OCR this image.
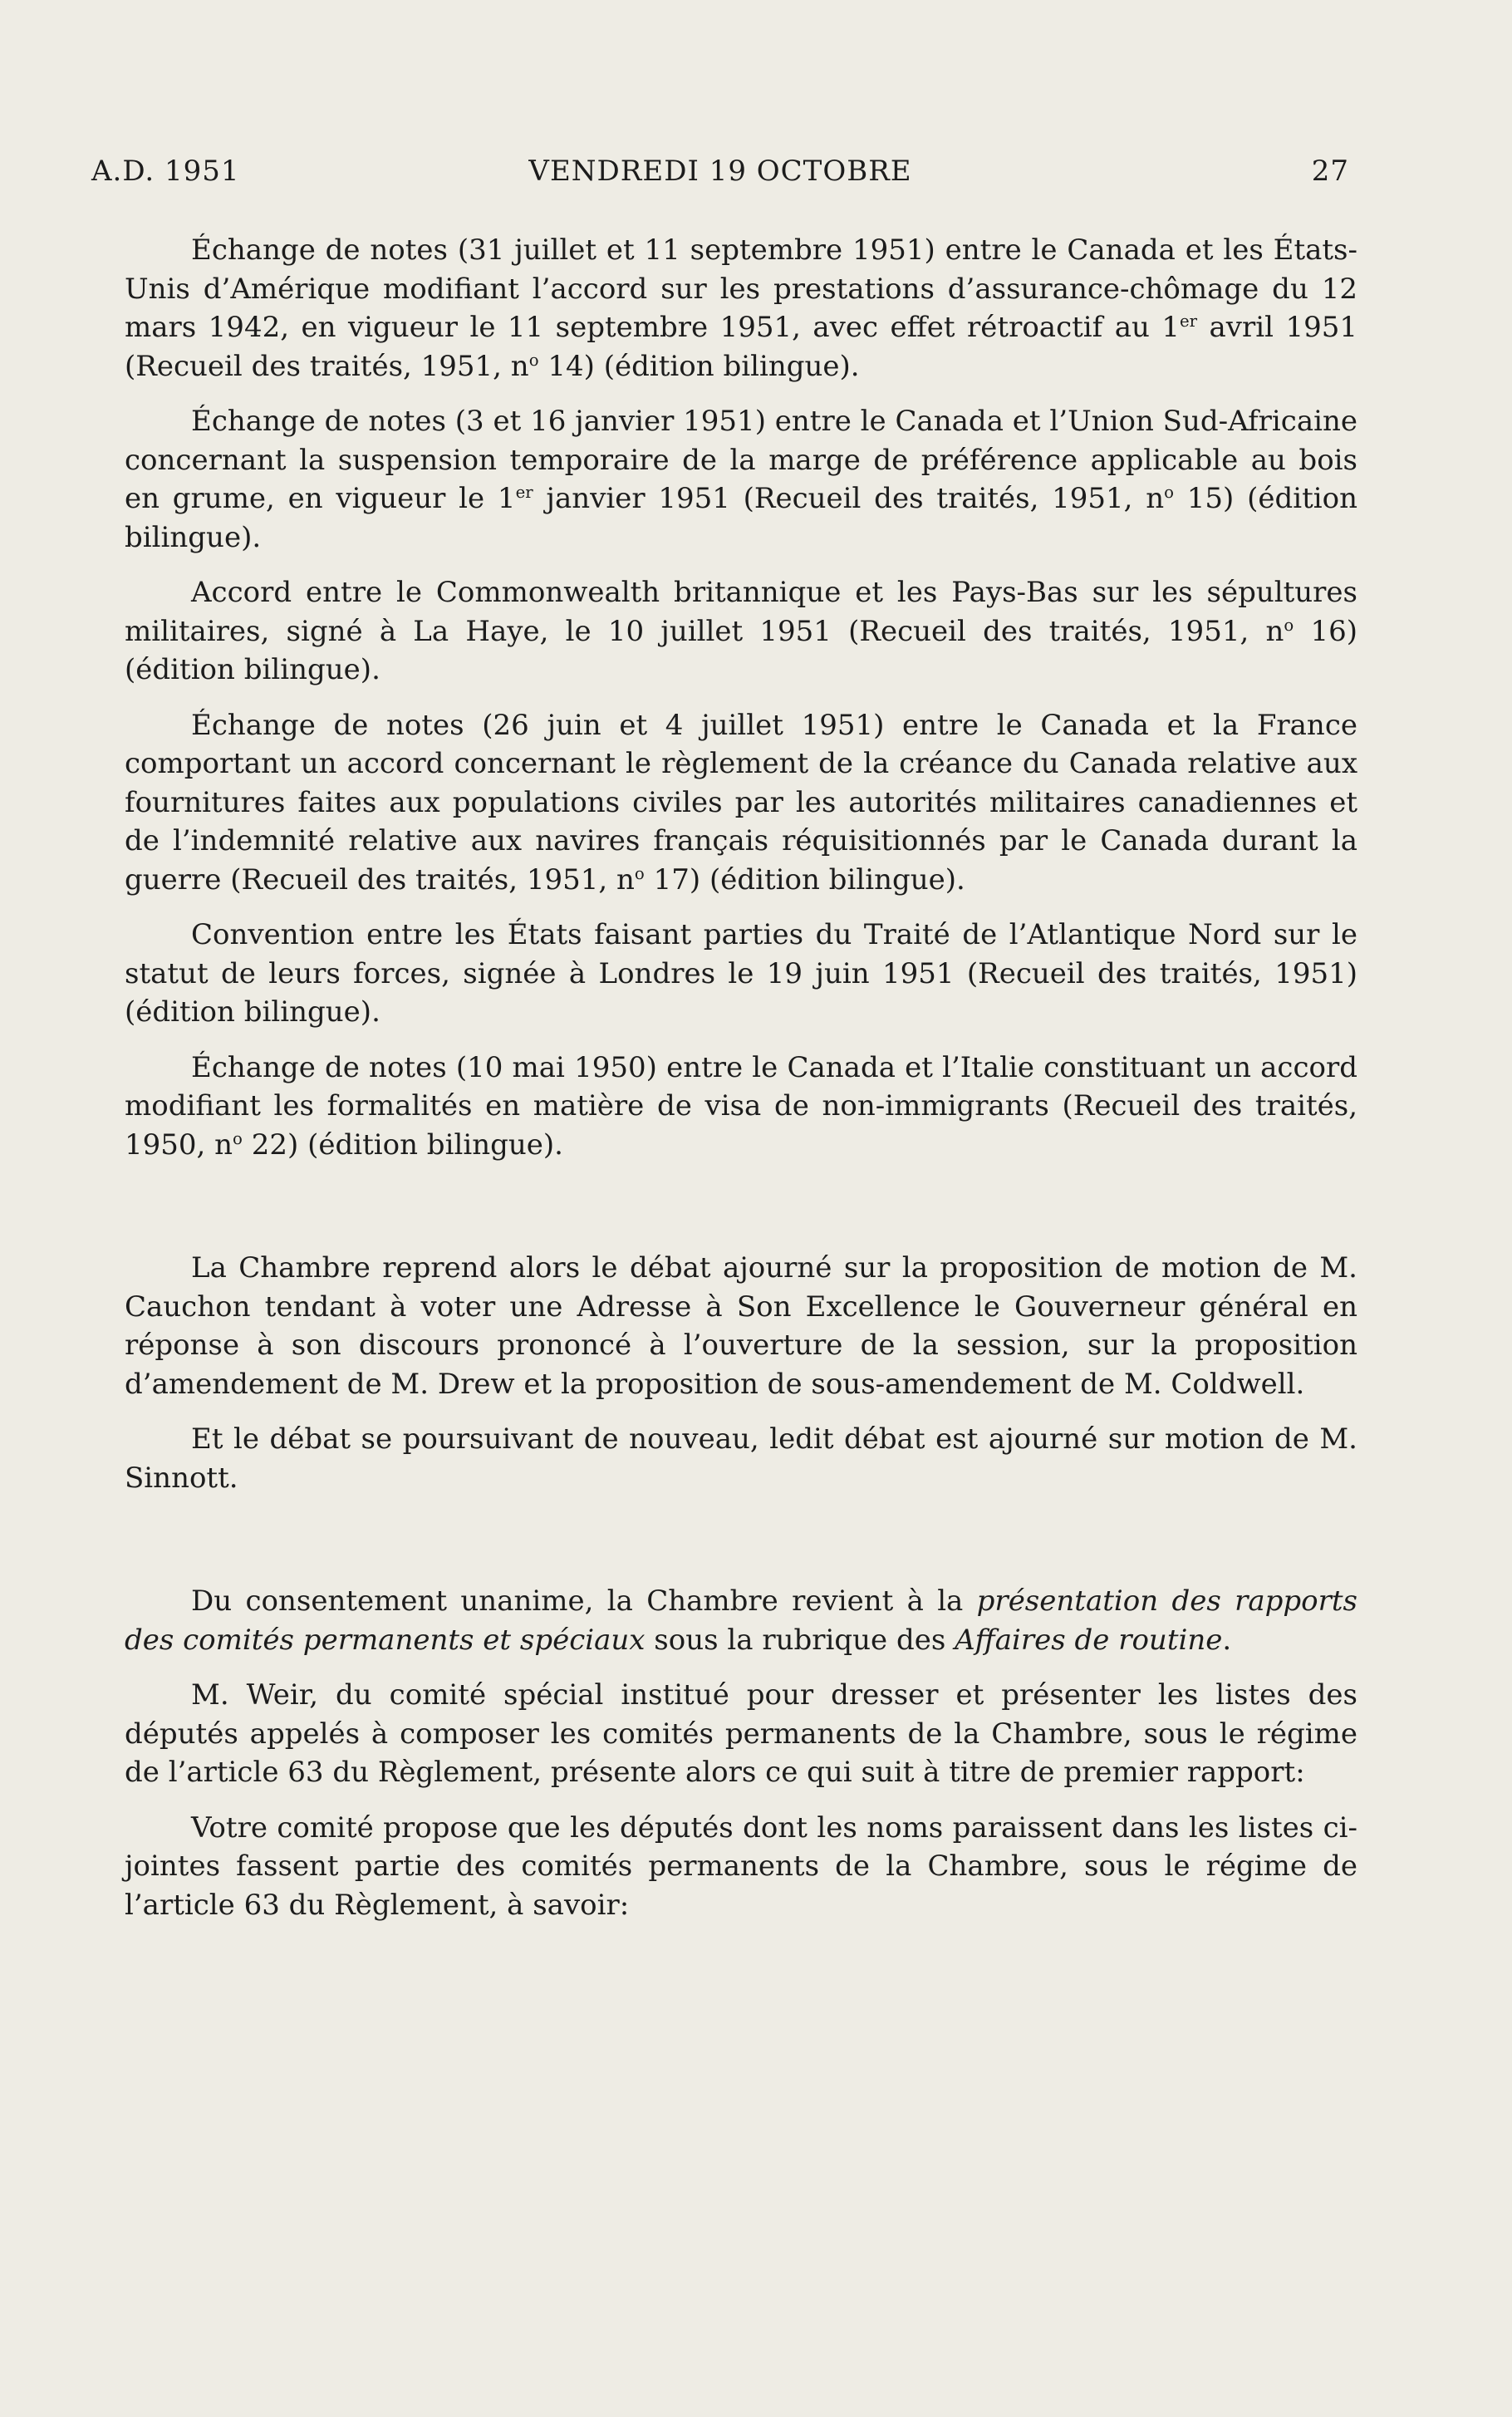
A.D. 1951	VENDREDI 19 OCTOBRE	27

Échange de notes (31 juillet et 11 septembre 1951) entre le Canada et les États-Unis d’Amérique modifiant l’accord sur les prestations d’assurance-chômage du 12 mars 1942, en vigueur le 11 septembre 1951, avec effet rétroactif au 1er avril 1951 (Recueil des traités, 1951, $n^o$ 14) (édition bilingue).

Échange de notes (3 et 16 janvier 1951) entre le Canada et l’Union Sud-Africaine concernant la suspension temporaire de la marge de préférence applicable au bois en grume, en vigueur le 1er janvier 1951 (Recueil des traités, 1951, $n^o$ 15) (édition bilingue).

Accord entre le Commonwealth britannique et les Pays-Bas sur les sépultures militaires, signé à La Haye, le 10 juillet 1951 (Recueil des traités, 1951, $n^o$ 16) (édition bilingue).

Échange de notes (26 juin et 4 juillet 1951) entre le Canada et la France comportant un accord concernant le règlement de la créance du Canada relative aux fournitures faites aux populations civiles par les autorités militaires canadiennes et de l’indemnité relative aux navires français réquisitionnés par le Canada durant la guerre (Recueil des traités, 1951, $n^o$ 17) (édition bilingue).

Convention entre les États faisant parties du Traité de l’Atlantique Nord sur le statut de leurs forces, signée à Londres le 19 juin 1951 (Recueil des traités, 1951) (édition bilingue).

Échange de notes (10 mai 1950) entre le Canada et l’Italie constituant un accord modifiant les formalités en matière de visa de non-immigrants (Recueil des traités, 1950, $n^o$ 22) (édition bilingue).

La Chambre reprend alors le débat ajourné sur la proposition de motion de M. Cauchon tendant à voter une Adresse à Son Excellence le Gouverneur général en réponse à son discours prononcé à l’ouverture de la session, sur la proposition d’amendement de M. Drew et la proposition de sous-amendement de M. Coldwell.

Et le débat se poursuivant de nouveau, ledit débat est ajourné sur motion de M. Sinnott.

Du consentement unanime, la Chambre revient à la présentation des rapports des comités permanents et spéciaux sous la rubrique des Affaires de routine.

M. Weir, du comité spécial institué pour dresser et présenter les listes des députés appelés à composer les comités permanents de la Chambre, sous le régime de l’article 63 du Règlement, présente alors ce qui suit à titre de premier rapport:

Votre comité propose que les députés dont les noms paraissent dans les listes ci-jointes fassent partie des comités permanents de la Chambre, sous le régime de l’article 63 du Règlement, à savoir:
